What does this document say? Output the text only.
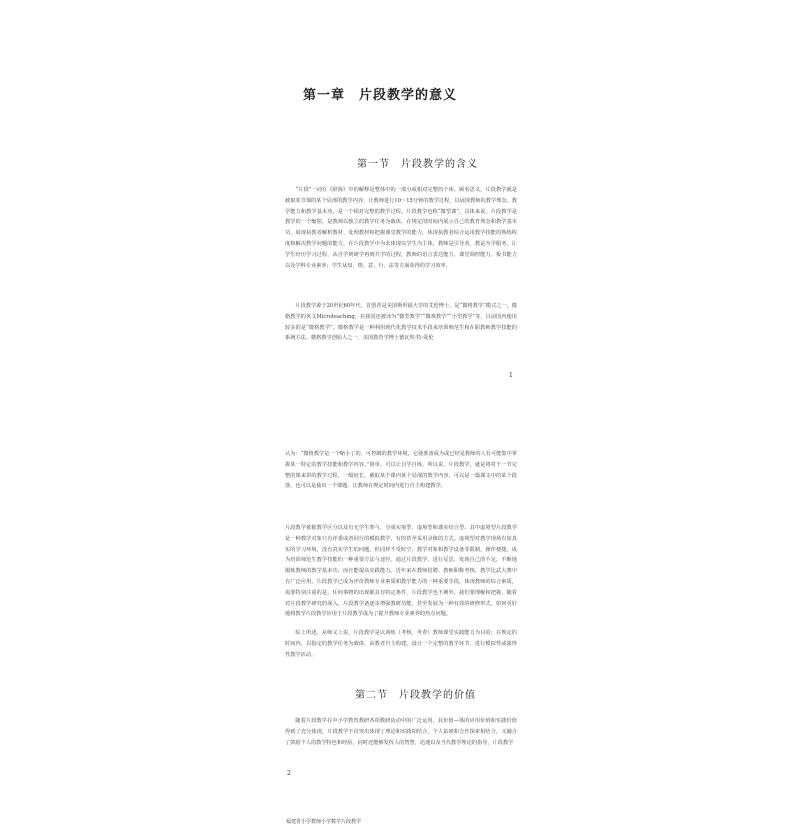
第一章　片段教学的意义
第一节　片段教学的含义

“片段”一词在《辞海》中的解释是整体中的一部分或相对完整的个体。顾名思义，片段教学就是截取某节课的某个局部的教学内容，让教师进行10～15分钟的教学过程，以展现教师的教学理念、教学能力和教学基本功，是一个相对完整的教学过程。片段教学也称“微型课”，具体来说，片段教学是教学的一个缩影，是教师以独立的教学任务为载体，在规定的时间内展示自己的教育理念和教学基本功，展现执教者解析教材、处理教材和把握课堂教学的能力，体现执教者综合运用教学技能的熟练程度和解决教学问题的能力。在片段教学中为求体现以学生为主体，教师是引导者，教是为学服务，让学生经历学习过程，从自学到研学再到共学的过程，教师的语言表达能力、课堂调控能力、板书能力以及学科专业素养；学生从知、情、意、行、法等方面获得的学习效率。

片段教学源于20世纪60年代，首创者是美国斯坦福大学的艾伦博士，是“微格教学”模式之一，微格教学的英文Microteaching，在我国还被译为“微型教学”“微观教学”“小型教学”等，目前国内使用较多的是“微格教学”。微格教学是一种利用现代化教学技术手段来培训师范生和在职教师教学技能的系统方法。微格教学创始人之一、美国教育学博士德瓦埃·特·爱伦

1
福建省小学教师小学数学片段教学

认为：“微格教学是一个缩小了的、可控制的教学环境，它使准备成为或已经是教师的人有可能集中掌握某一特定的教学技能和教学内容。”简单、可以让自学自练。所以说，片段教学，就是将对于一节完整的课来讲的教学过程，一般较长，截取某个课内某个局部的教学内容，可以是一篇课文中的某个段落，也可以是抽出一个课题，让教师在规定时间内进行自主构建教学。

片段教学依据教学区分以及有无学生参与，分成实境型、虚境型和课实结合型。其中虚境型片段教学是一种教学对象只有评委或者同行的模拟教学，有的甚至采用录像的方式。虚境型对教学现场有如真实的学习环境，没有真实学生的问题，但同样不受时空、教学对象和教学设备等限制，操作便捷，成为培训师范生教学技能的一种重要方法与途径。通过片段教学，进行反思，发现自己的不足，不断地锻炼教师的教学基本功，而且能提高实践能力。近年来在教师招聘、教师职称考核、教学比武大赛中有广泛应用，片段教学已成为评价教师专业素质和教学能力的一种重要手段，体现教师的综合素质，需要特别注重的是，任何事物的出现都具有特定条件，片段教学也不例外。我们要理解和把握，随着对片段教学研究的深入，片段教学备逐步增强教研功能，甚至发展为一种有效的研修形式，如何更好地将教学片段教学应用于片段教学成为了提升教师专业素养的热点问题。

综上所述，从师义上说，片段教学是以训练（考核、考查）教师课堂实践能力为目的；在规定的时间内，以指定的教学任务为载体，由教者自主构建，设计一个完整的教学环节，进行模拟性或演绎性教学活动。

第二节　片段教学的价值

随着片段教学在中小学教育教研各项教研活动中的广泛运用，其价值—体的应用价值和实践价值得到了充分体现。片段教学不仅突出体现了理论和实践相结合，个人钻研和合作探索相结合，又融合了鼓励个人的教学特色和经验。同时还能够发挥人的智慧，迅速以及当代教学理论的指导，片段教学

2
